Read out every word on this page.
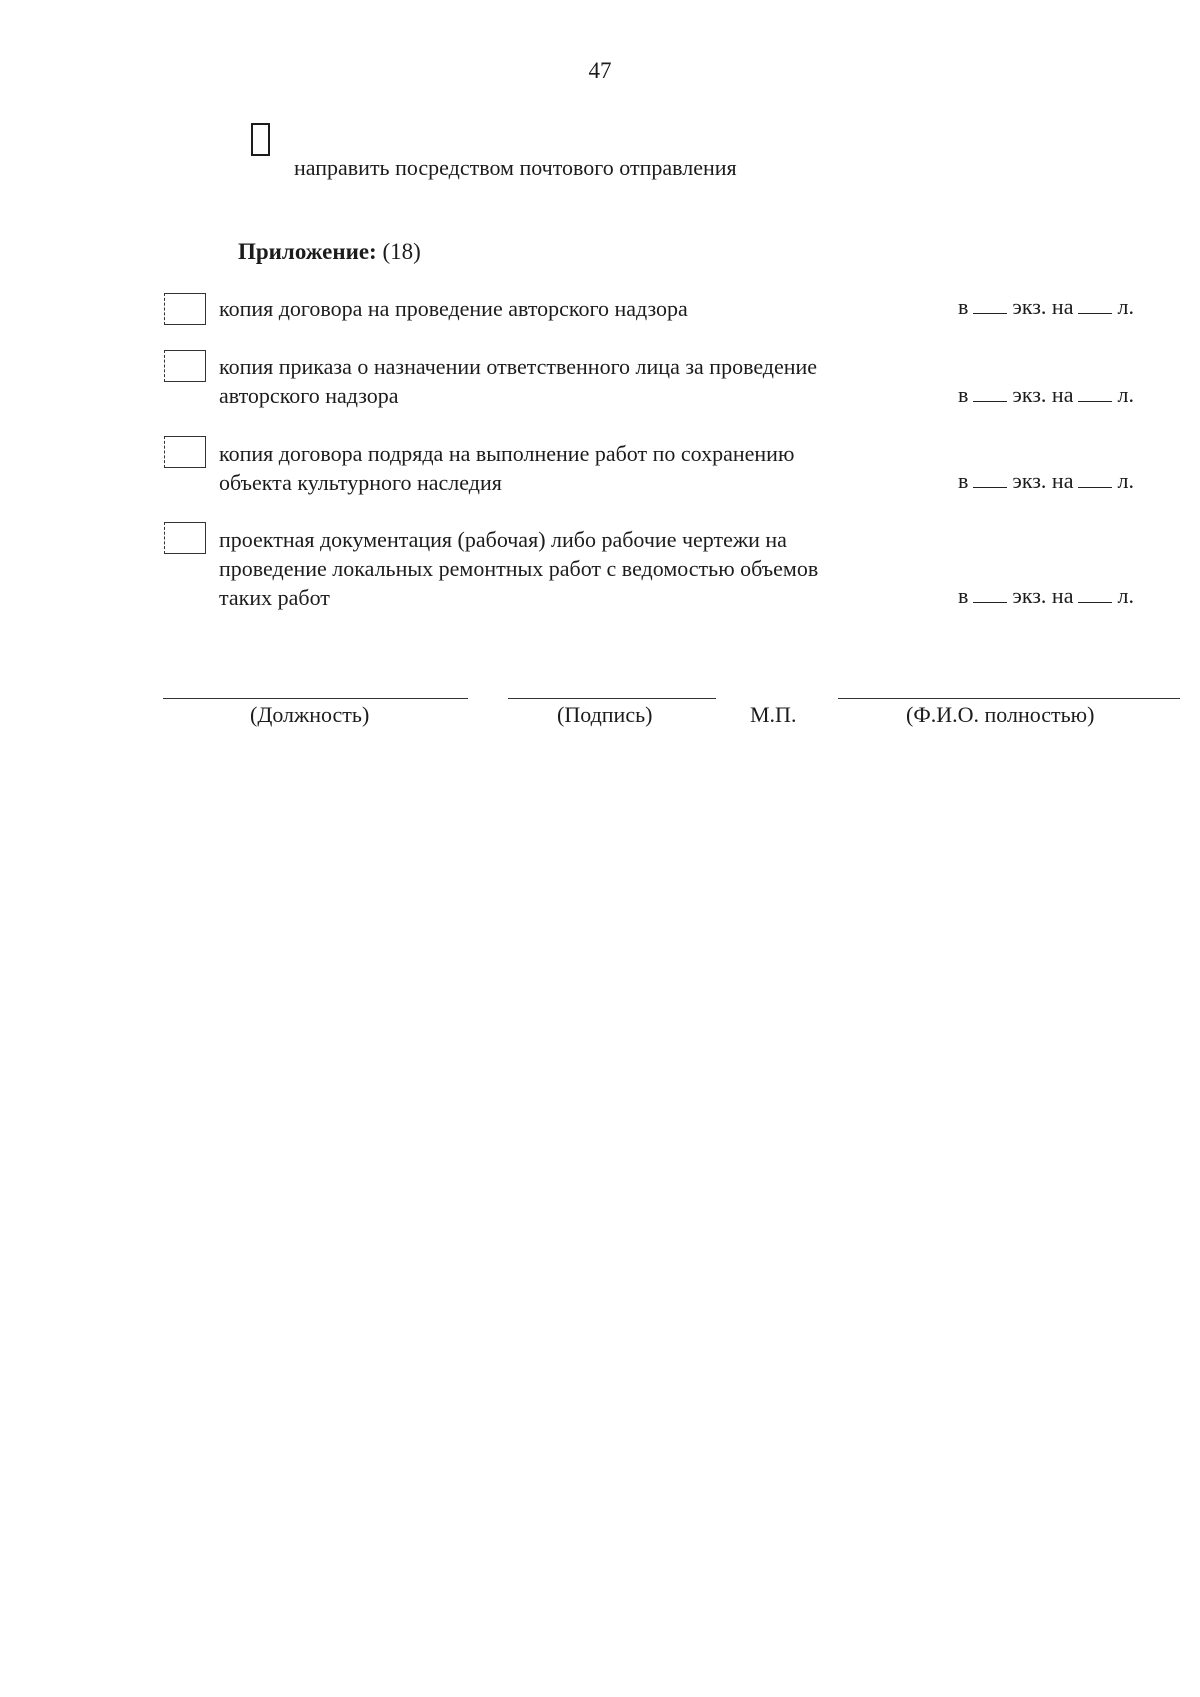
47
направить посредством почтового отправления
Приложение: (18)
копия договора на проведение авторского надзора	в экз. на л.
копия приказа о назначении ответственного лица за проведение
авторского надзора	в экз. на л.
копия договора подряда на выполнение работ по сохранению
объекта культурного наследия	в экз. на л.
проектная документация (рабочая) либо рабочие чертежи на
проведение локальных ремонтных работ с ведомостью объемов
таких работ	в экз. на л.
(Должность)	(Подпись)	М.П.	(Ф.И.О. полностью)
